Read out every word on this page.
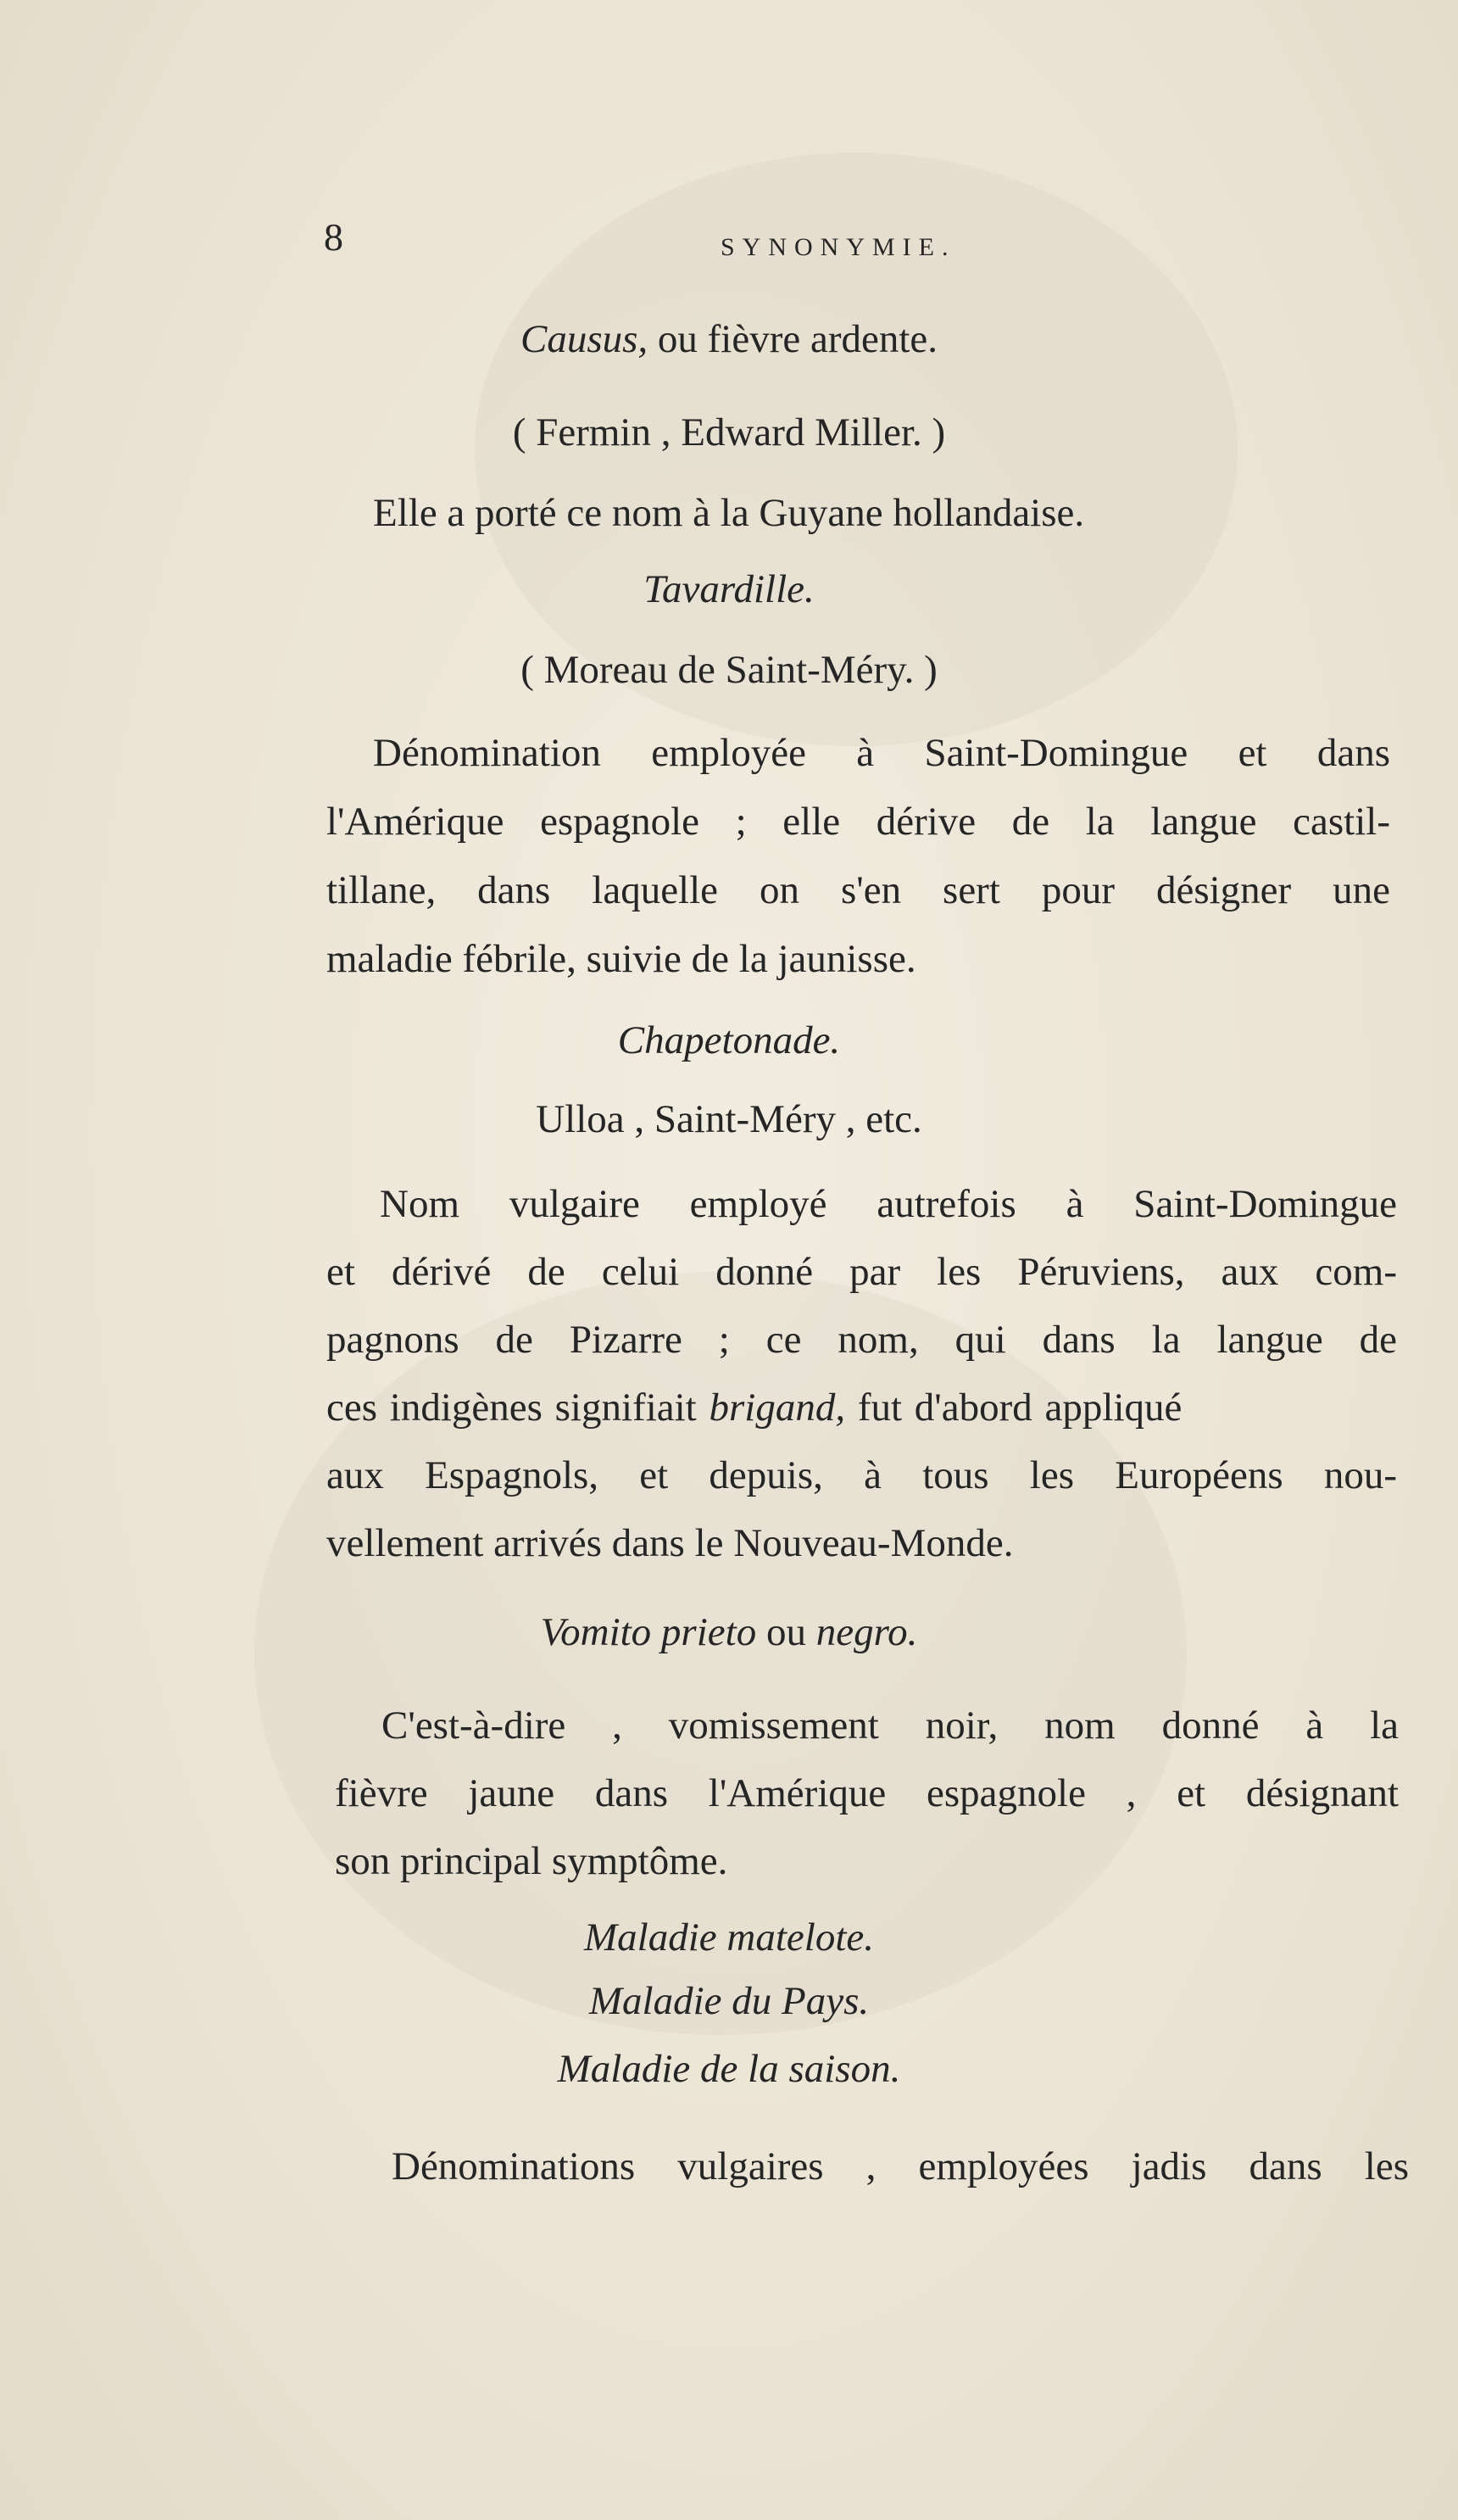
8	SYNONYMIE.
Causus, ou fièvre ardente.
( Fermin , Edward Miller. )
Elle a porté ce nom à la Guyane hollandaise.
Tavardille.
( Moreau de Saint-Méry. )
Dénomination employée à Saint-Domingue et dans
l'Amérique espagnole ; elle dérive de la langue castil-
tillane, dans laquelle on s'en sert pour désigner une
maladie fébrile, suivie de la jaunisse.
Chapetonade.
Ulloa , Saint-Méry , etc.
Nom vulgaire employé autrefois à Saint-Domingue
et dérivé de celui donné par les Péruviens, aux com-
pagnons de Pizarre ; ce nom, qui dans la langue de
ces indigènes signifiait brigand, fut d'abord appliqué
aux Espagnols, et depuis, à tous les Européens nou-
vellement arrivés dans le Nouveau-Monde.
Vomito prieto ou negro.
C'est-à-dire , vomissement noir, nom donné à la
fièvre jaune dans l'Amérique espagnole , et désignant
son principal symptôme.
Maladie matelote.
Maladie du Pays.
Maladie de la saison.
Dénominations vulgaires , employées jadis dans les
